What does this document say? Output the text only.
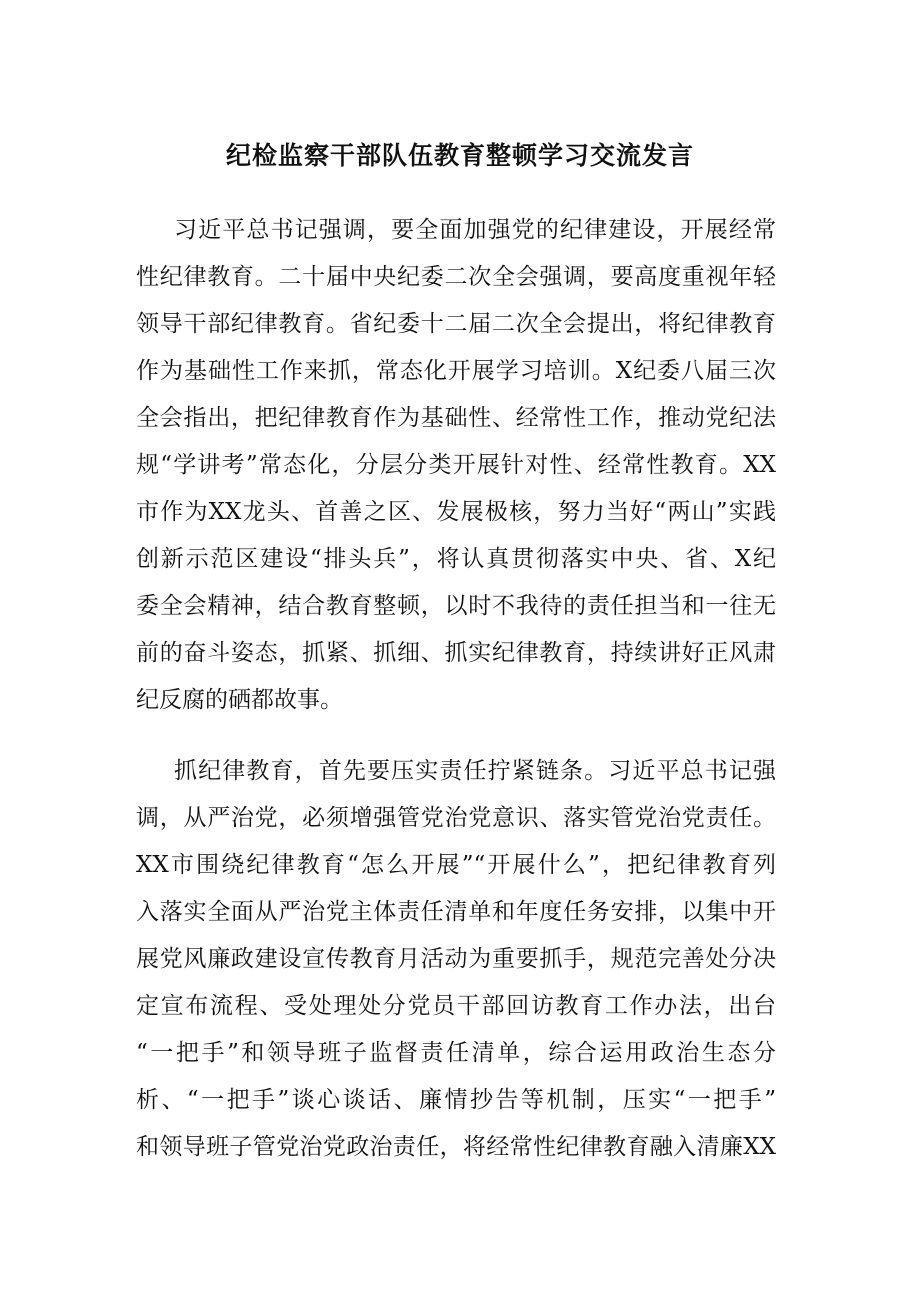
纪检监察干部队伍教育整顿学习交流发言

习近平总书记强调，要全面加强党的纪律建设，开展经常

性纪律教育。二十届中央纪委二次全会强调，要高度重视年轻

领导干部纪律教育。省纪委十二届二次全会提出，将纪律教育

作为基础性工作来抓，常态化开展学习培训。X纪委八届三次

全会指出，把纪律教育作为基础性、经常性工作，推动党纪法

规“学讲考”常态化，分层分类开展针对性、经常性教育。XX

市作为XX龙头、首善之区、发展极核，努力当好“两山”实践

创新示范区建设“排头兵”，将认真贯彻落实中央、省、X纪

委全会精神，结合教育整顿，以时不我待的责任担当和一往无

前的奋斗姿态，抓紧、抓细、抓实纪律教育，持续讲好正风肃

纪反腐的硒都故事。

抓纪律教育，首先要压实责任拧紧链条。习近平总书记强

调，从严治党，必须增强管党治党意识、落实管党治党责任。

XX市围绕纪律教育“怎么开展”“开展什么”，把纪律教育列

入落实全面从严治党主体责任清单和年度任务安排，以集中开

展党风廉政建设宣传教育月活动为重要抓手，规范完善处分决

定宣布流程、受处理处分党员干部回访教育工作办法，出台

“一把手”和领导班子监督责任清单，综合运用政治生态分

析、“一把手”谈心谈话、廉情抄告等机制，压实“一把手”

和领导班子管党治党政治责任，将经常性纪律教育融入清廉XX
